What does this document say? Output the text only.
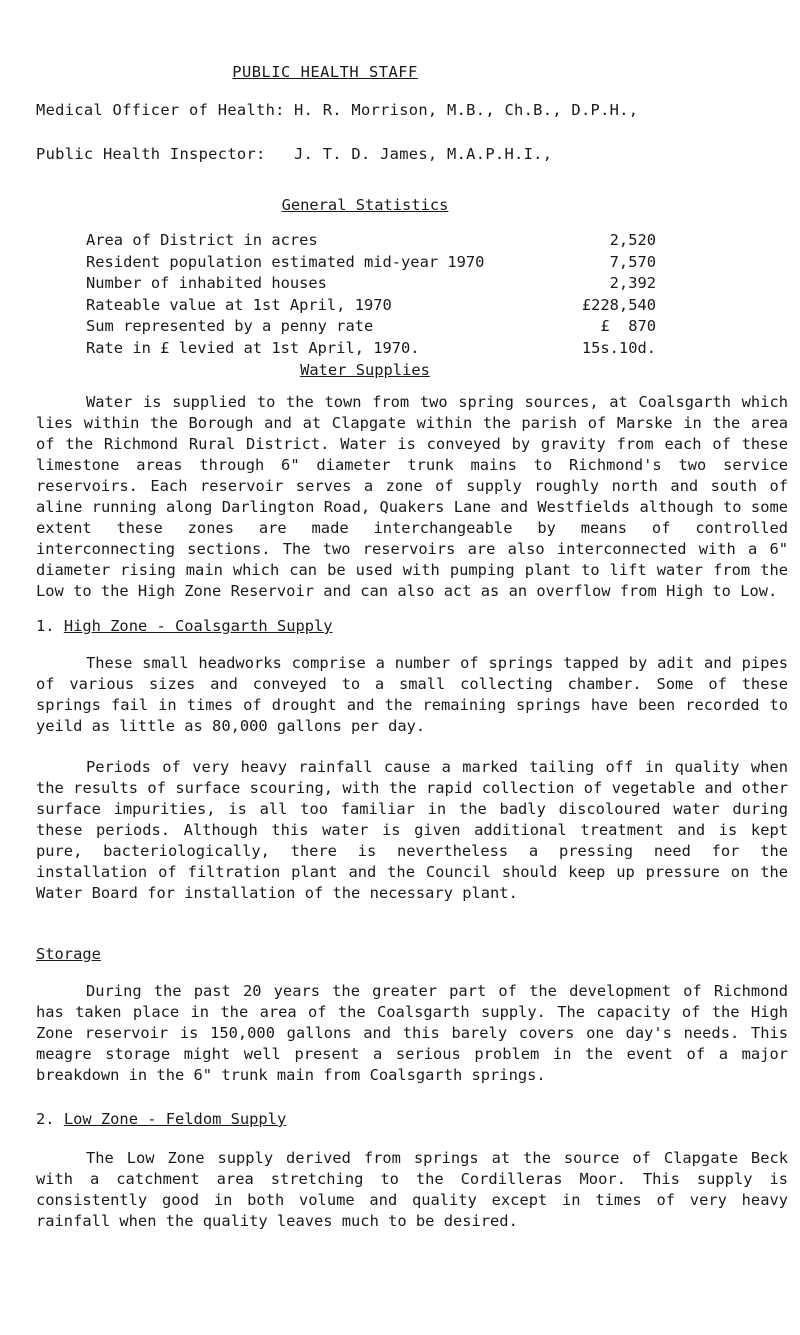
PUBLIC HEALTH STAFF
Medical Officer of Health: H. R. Morrison, M.B., Ch.B., D.P.H.,
Public Health Inspector: J. T. D. James, M.A.P.H.I.,
General Statistics
Area of District in acres	2,520
Resident population estimated mid-year 1970	7,570
Number of inhabited houses	2,392
Rateable value at 1st April, 1970	£228,540
Sum represented by a penny rate	£  870
Rate in £ levied at 1st April, 1970.	15s.10d.
Water Supplies

Water is supplied to the town from two spring sources, at Coalsgarth which lies within the Borough and at Clapgate within the parish of Marske in the area of the Richmond Rural District. Water is conveyed by gravity from each of these limestone areas through 6" diameter trunk mains to Richmond's two service reservoirs. Each reservoir serves a zone of supply roughly north and south of aline running along Darlington Road, Quakers Lane and Westfields although to some extent these zones are made interchangeable by means of controlled interconnecting sections. The two reservoirs are also interconnected with a 6" diameter rising main which can be used with pumping plant to lift water from the Low to the High Zone Reservoir and can also act as an overflow from High to Low.

1. High Zone - Coalsgarth Supply

These small headworks comprise a number of springs tapped by adit and pipes of various sizes and conveyed to a small collecting chamber. Some of these springs fail in times of drought and the remaining springs have been recorded to yeild as little as 80,000 gallons per day.

Periods of very heavy rainfall cause a marked tailing off in quality when the results of surface scouring, with the rapid collection of vegetable and other surface impurities, is all too familiar in the badly discoloured water during these periods. Although this water is given additional treatment and is kept pure, bacteriologically, there is nevertheless a pressing need for the installation of filtration plant and the Council should keep up pressure on the Water Board for installation of the necessary plant.

Storage

During the past 20 years the greater part of the development of Richmond has taken place in the area of the Coalsgarth supply. The capacity of the High Zone reservoir is 150,000 gallons and this barely covers one day's needs. This meagre storage might well present a serious problem in the event of a major breakdown in the 6" trunk main from Coalsgarth springs.

2. Low Zone - Feldom Supply

The Low Zone supply derived from springs at the source of Clapgate Beck with a catchment area stretching to the Cordilleras Moor. This supply is consistently good in both volume and quality except in times of very heavy rainfall when the quality leaves much to be desired.
